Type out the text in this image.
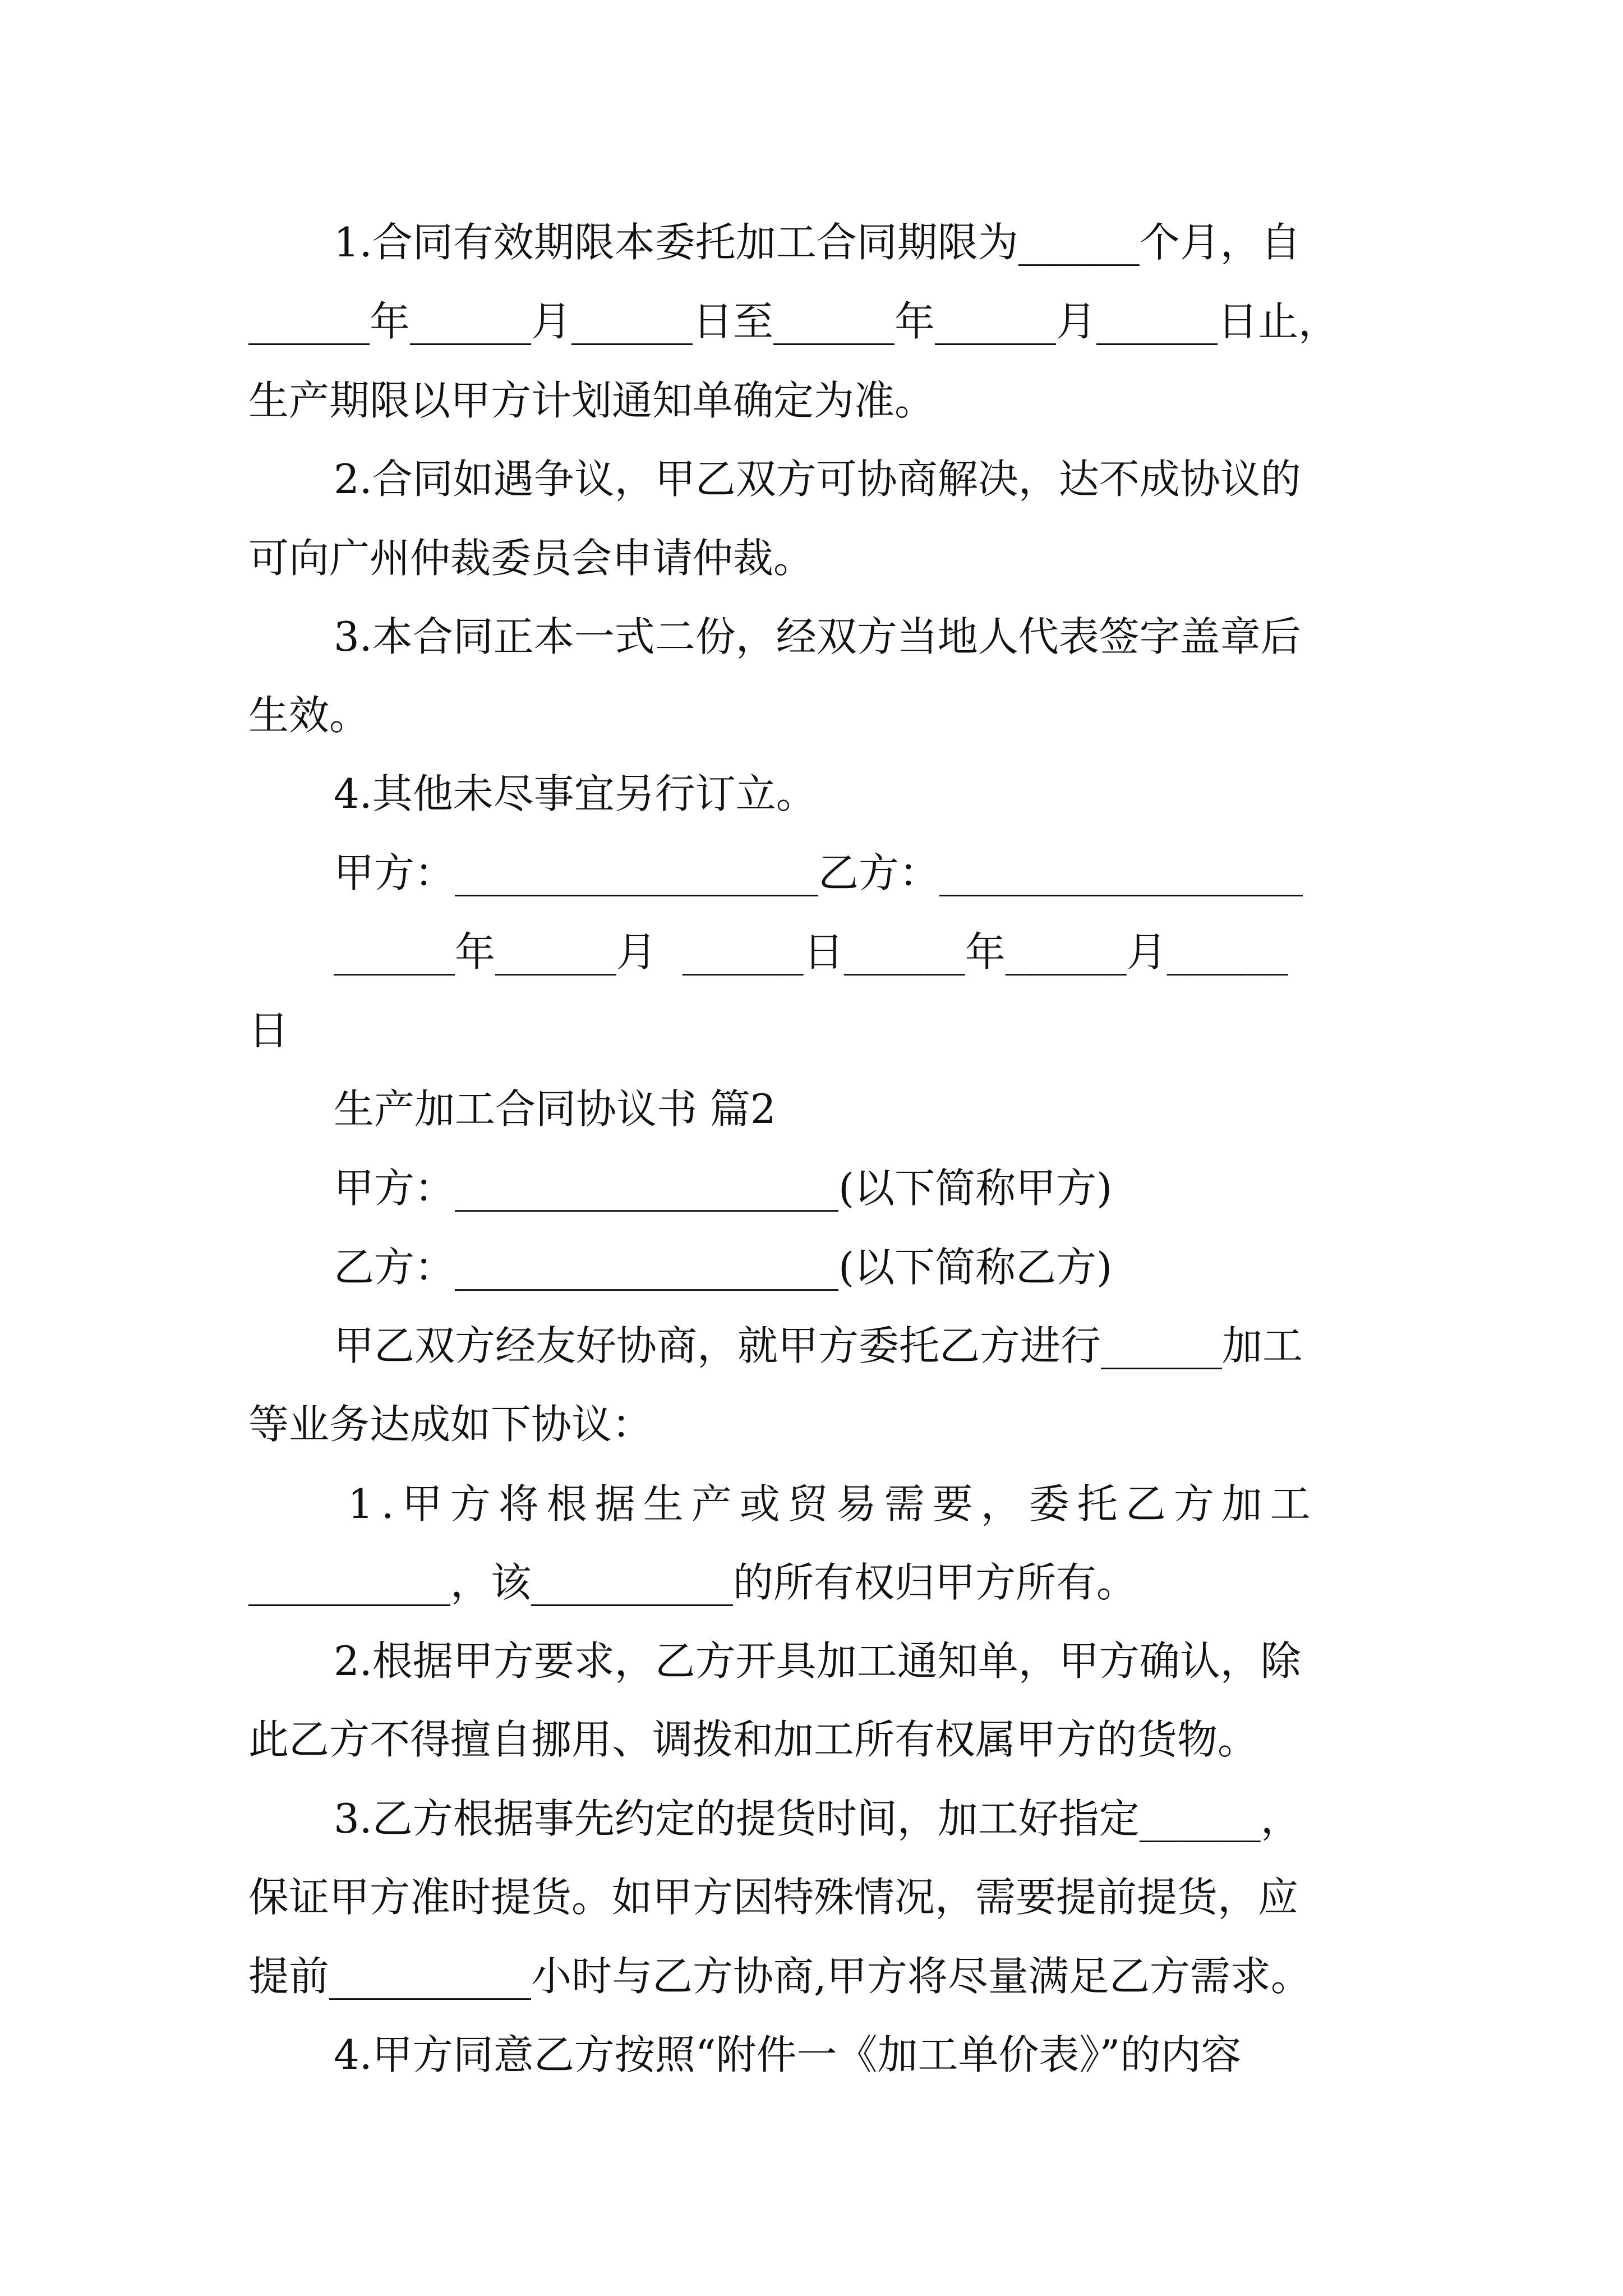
1.合同有效期限本委托加工合同期限为______个月，自
______年______月______日至______年______月______日止，
生产期限以甲方计划通知单确定为准。
2.合同如遇争议，甲乙双方可协商解决，达不成协议的
可向广州仲裁委员会申请仲裁。
3.本合同正本一式二份，经双方当地人代表签字盖章后
生效。
4.其他未尽事宜另行订立。
甲方：__________________乙方：__________________
______年______月  ______日______年______月______
日
生产加工合同协议书 篇2
甲方：___________________(以下简称甲方)
乙方：___________________(以下简称乙方)
甲乙双方经友好协商，就甲方委托乙方进行______加工
等业务达成如下协议：
1.甲方将根据生产或贸易需要，委托乙方加工
__________，该__________的所有权归甲方所有。
2.根据甲方要求，乙方开具加工通知单，甲方确认，除
此乙方不得擅自挪用、调拨和加工所有权属甲方的货物。
3.乙方根据事先约定的提货时间，加工好指定______，
保证甲方准时提货。如甲方因特殊情况，需要提前提货，应
提前__________小时与乙方协商,甲方将尽量满足乙方需求。
4.甲方同意乙方按照“附件一《加工单价表》”的内容
